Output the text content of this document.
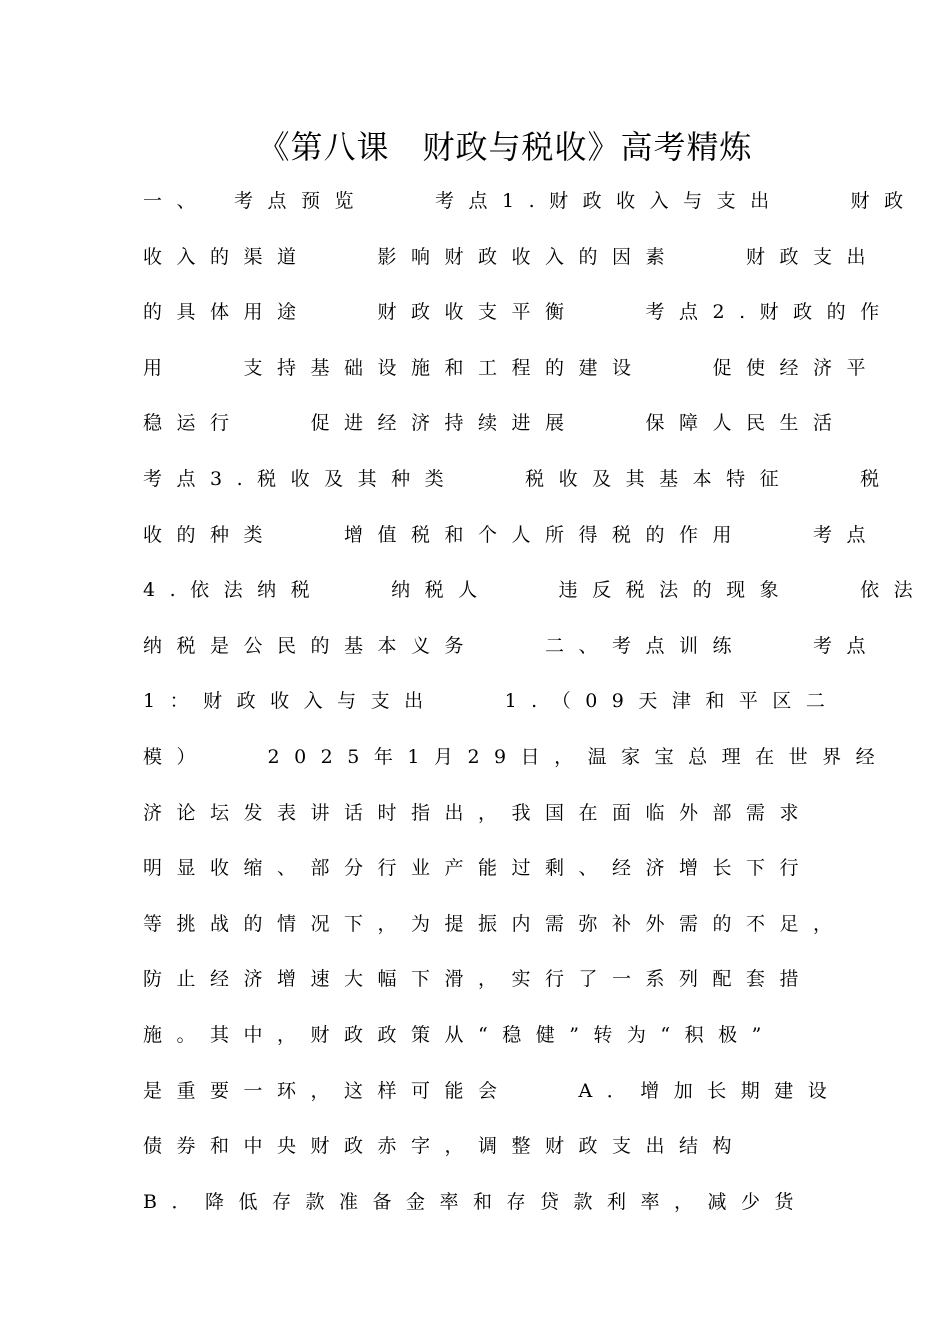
《第八课　财政与税收》高考精炼
一、　考点预览　　考点1.财政收入与支出　　财政
收入的渠道　　影响财政收入的因素　　财政支出
的具体用途　　财政收支平衡　　考点2.财政的作
用　　支持基础设施和工程的建设　　促使经济平
稳运行　　促进经济持续进展　　保障人民生活
考点3.税收及其种类　　税收及其基本特征　　税
收的种类　　增值税和个人所得税的作用　　考点
4.依法纳税　　纳税人　　违反税法的现象　　依法
纳税是公民的基本义务　　二、考点训练　　考点
1：财政收入与支出　　1.（09天津和平区二
模）　　2025年1月29日，温家宝总理在世界经
济论坛发表讲话时指出，我国在面临外部需求
明显收缩、部分行业产能过剩、经济增长下行
等挑战的情况下，为提振内需弥补外需的不足，
防止经济增速大幅下滑，实行了一系列配套措
施。其中，财政政策从“稳健”转为“积极”
是重要一环，这样可能会　　A．增加长期建设
债券和中央财政赤字，调整财政支出结构
B．降低存款准备金率和存贷款利率，减少货
